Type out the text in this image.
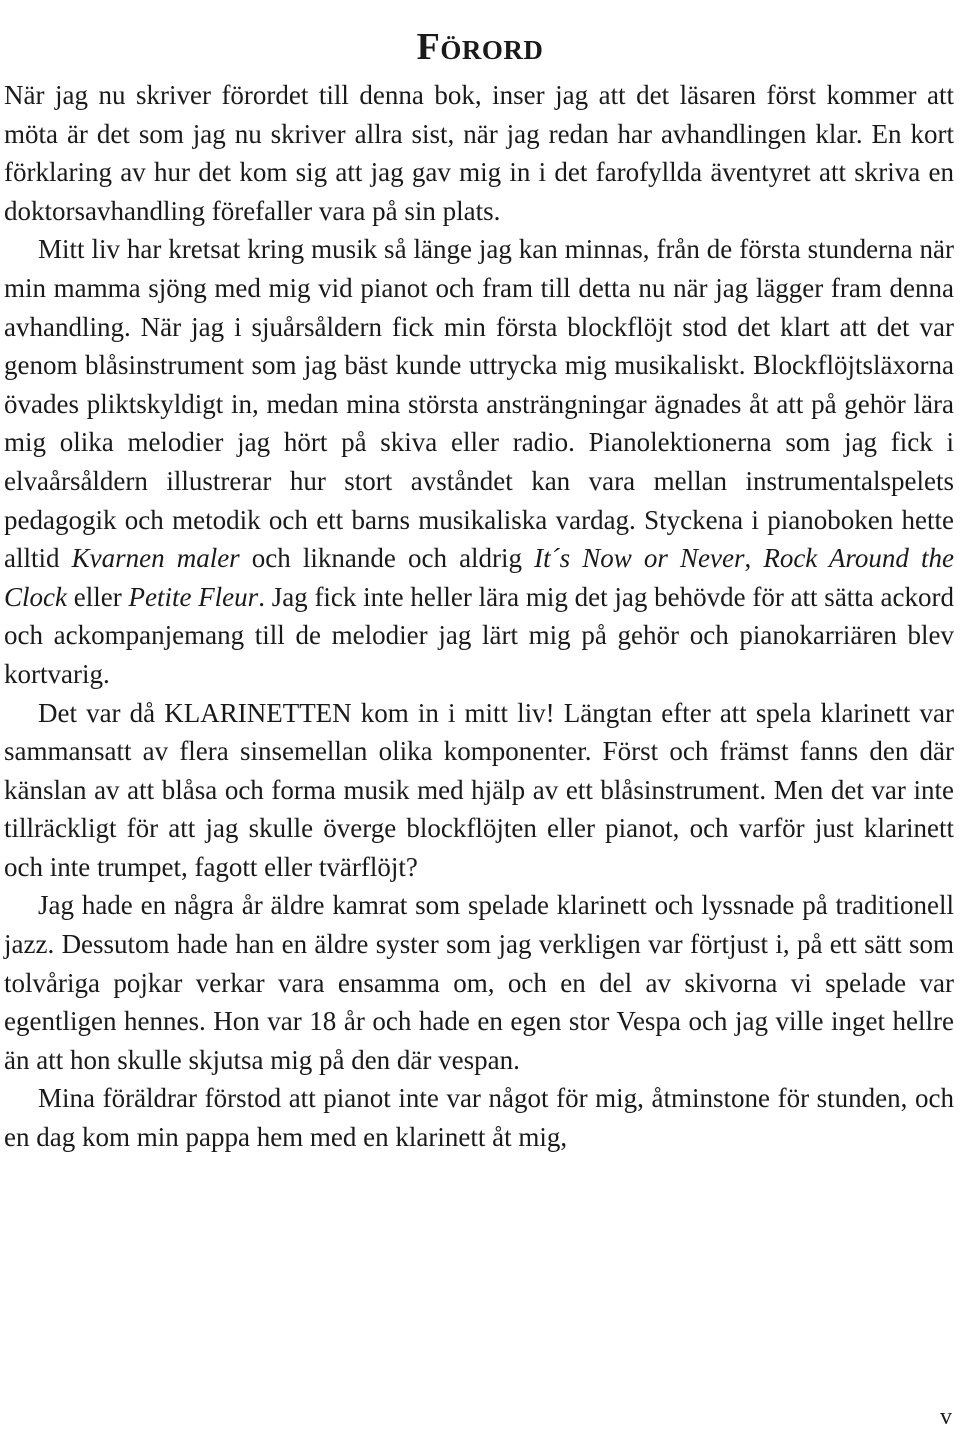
Förord

När jag nu skriver förordet till denna bok, inser jag att det läsaren först kommer att möta är det som jag nu skriver allra sist, när jag redan har avhandlingen klar. En kort förklaring av hur det kom sig att jag gav mig in i det farofyllda äventyret att skriva en doktorsavhandling förefaller vara på sin plats.

Mitt liv har kretsat kring musik så länge jag kan minnas, från de första stunderna när min mamma sjöng med mig vid pianot och fram till detta nu när jag lägger fram denna avhandling. När jag i sjuårsåldern fick min första blockflöjt stod det klart att det var genom blåsinstrument som jag bäst kunde uttrycka mig musikaliskt. Blockflöjtsläxorna övades pliktskyldigt in, medan mina största ansträngningar ägnades åt att på gehör lära mig olika melodier jag hört på skiva eller radio. Pianolektionerna som jag fick i elvaårsåldern illustrerar hur stort avståndet kan vara mellan instrumentalspelets pedagogik och metodik och ett barns musikaliska vardag. Styckena i pianoboken hette alltid Kvarnen maler och liknande och aldrig It´s Now or Never, Rock Around the Clock eller Petite Fleur. Jag fick inte heller lära mig det jag behövde för att sätta ackord och ackompanjemang till de melodier jag lärt mig på gehör och pianokarriären blev kortvarig.

Det var då KLARINETTEN kom in i mitt liv! Längtan efter att spela klarinett var sammansatt av flera sinsemellan olika komponenter. Först och främst fanns den där känslan av att blåsa och forma musik med hjälp av ett blåsinstrument. Men det var inte tillräckligt för att jag skulle överge blockflöjten eller pianot, och varför just klarinett och inte trumpet, fagott eller tvärflöjt?

Jag hade en några år äldre kamrat som spelade klarinett och lyssnade på traditionell jazz. Dessutom hade han en äldre syster som jag verkligen var förtjust i, på ett sätt som tolvåriga pojkar verkar vara ensamma om, och en del av skivorna vi spelade var egentligen hennes. Hon var 18 år och hade en egen stor Vespa och jag ville inget hellre än att hon skulle skjutsa mig på den där vespan.

Mina föräldrar förstod att pianot inte var något för mig, åtminstone för stunden, och en dag kom min pappa hem med en klarinett åt mig,

v
